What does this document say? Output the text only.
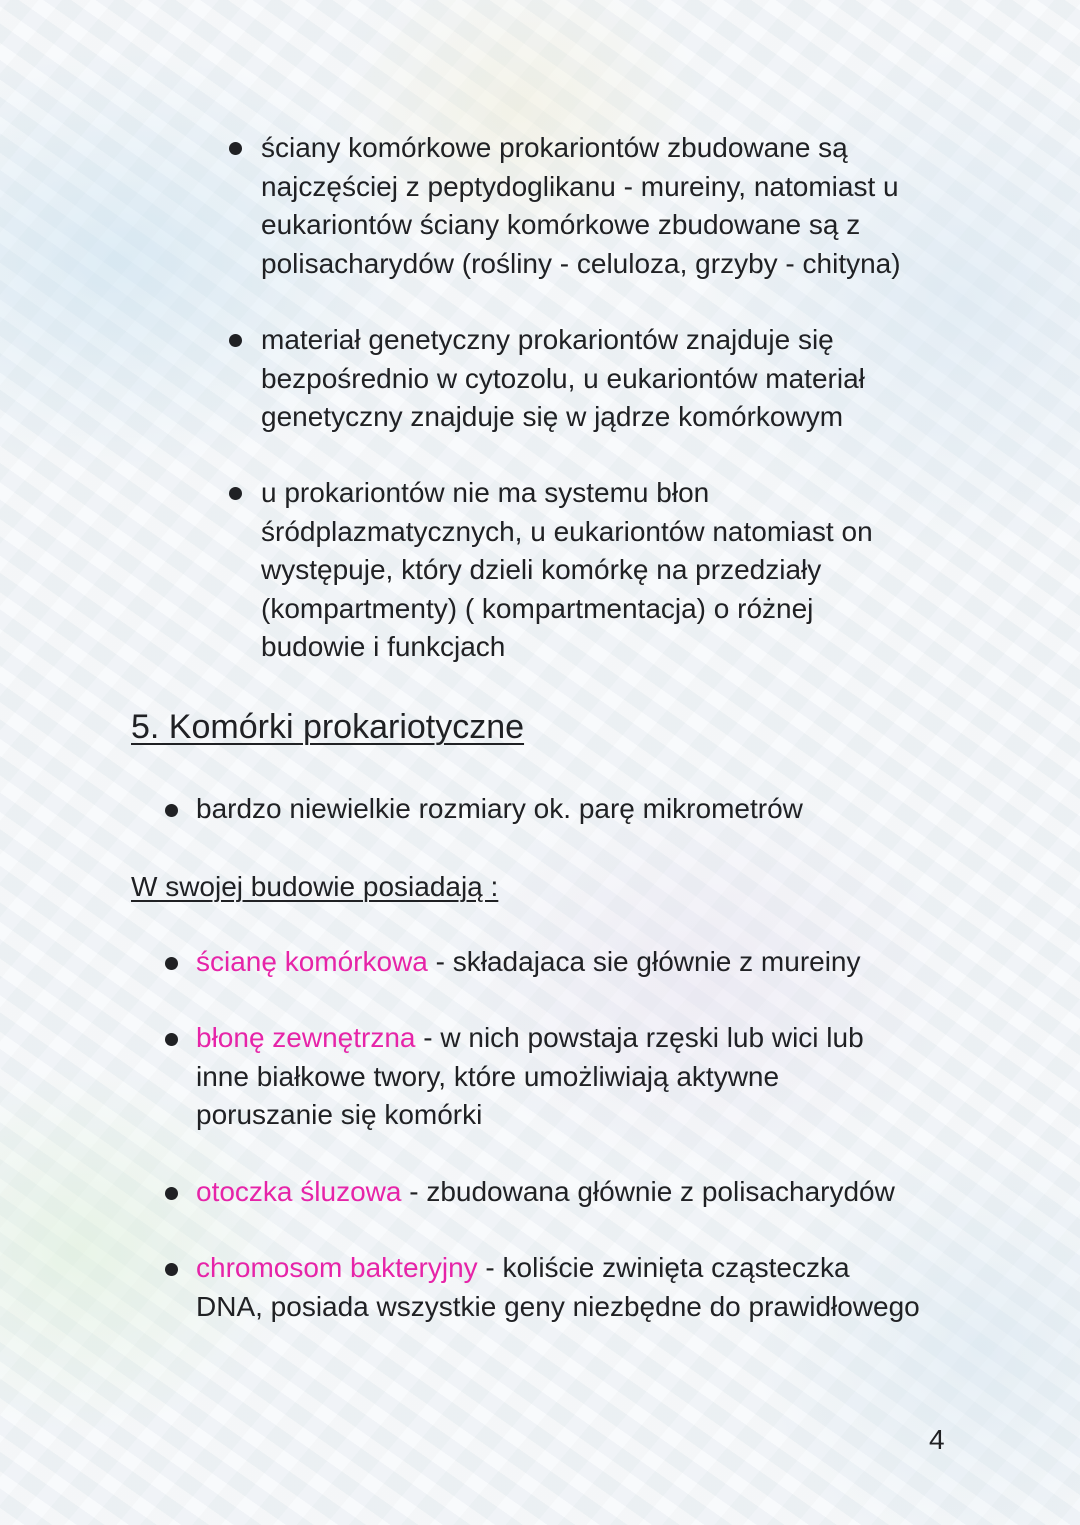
ściany komórkowe prokariontów zbudowane są
najczęściej z peptydoglikanu - mureiny, natomiast u
eukariontów ściany komórkowe zbudowane są z
polisacharydów (rośliny - celuloza, grzyby - chityna)
materiał genetyczny prokariontów znajduje się
bezpośrednio w cytozolu, u eukariontów materiał
genetyczny znajduje się w jądrze komórkowym
u prokariontów nie ma systemu błon
śródplazmatycznych, u eukariontów natomiast on
występuje, który dzieli komórkę na przedziały
(kompartmenty) ( kompartmentacja) o różnej
budowie i funkcjach
5. Komórki prokariotyczne
bardzo niewielkie rozmiary ok. parę mikrometrów
W swojej budowie posiadają :
ścianę komórkowa - składajaca sie głównie z mureiny
błonę zewnętrzna - w nich powstaja rzęski lub wici lub
inne białkowe twory, które umożliwiają aktywne
poruszanie się komórki
otoczka śluzowa - zbudowana głównie z polisacharydów
chromosom bakteryjny - koliście zwinięta cząsteczka
DNA, posiada wszystkie geny niezbędne do prawidłowego
4
